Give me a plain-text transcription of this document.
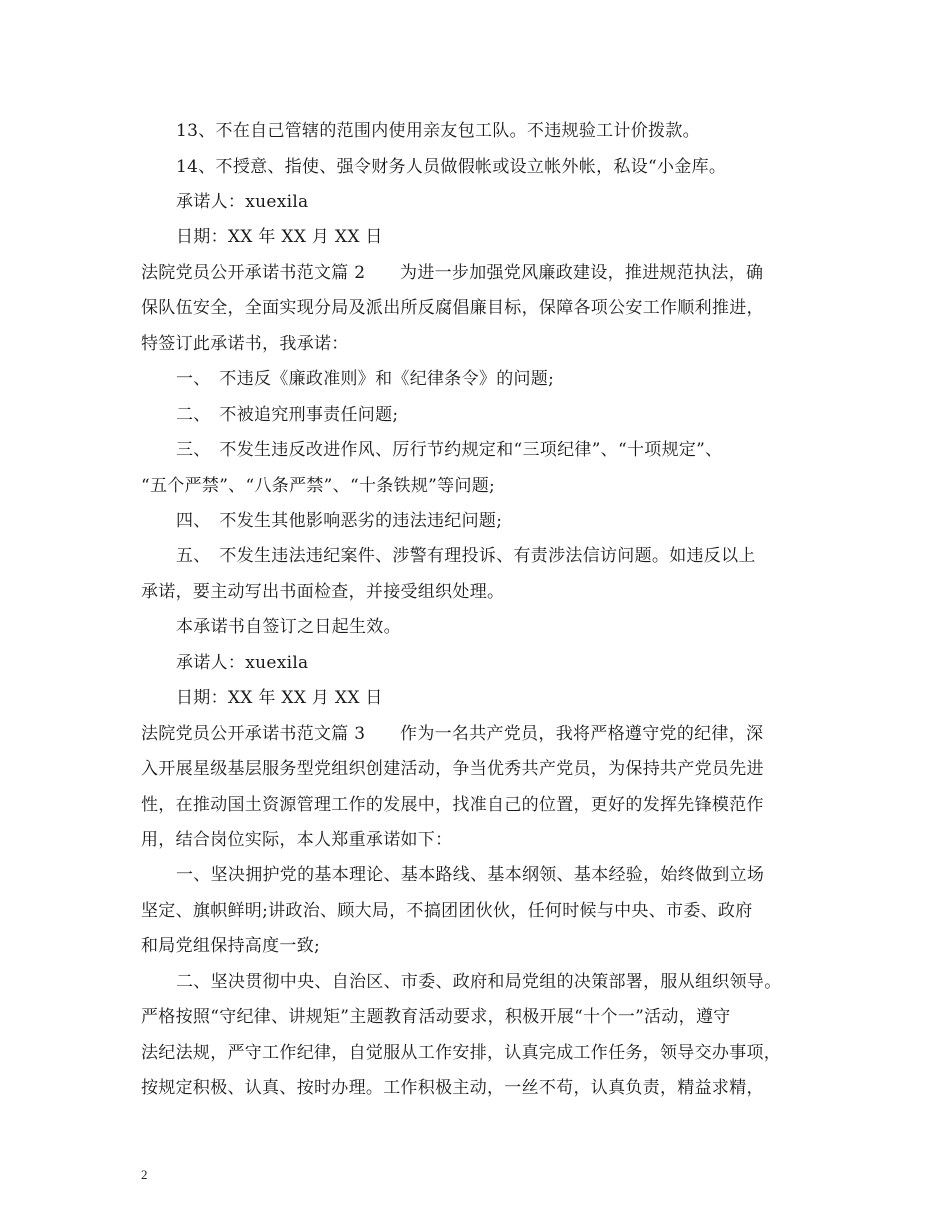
13、不在自己管辖的范围内使用亲友包工队。不违规验工计价拨款。
14、不授意、指使、强令财务人员做假帐或设立帐外帐，私设“小金库。
承诺人：xuexila
日期：XX 年 XX 月 XX 日
法院党员公开承诺书范文篇 2　　为进一步加强党风廉政建设，推进规范执法，确
保队伍安全，全面实现分局及派出所反腐倡廉目标，保障各项公安工作顺利推进，
特签订此承诺书，我承诺：
一、　不违反《廉政准则》和《纪律条令》的问题;
二、　不被追究刑事责任问题;
三、　不发生违反改进作风、厉行节约规定和“三项纪律”、“十项规定”、
“五个严禁”、“八条严禁”、“十条铁规”等问题;
四、　不发生其他影响恶劣的违法违纪问题;
五、　不发生违法违纪案件、涉警有理投诉、有责涉法信访问题。如违反以上
承诺，要主动写出书面检查，并接受组织处理。
本承诺书自签订之日起生效。
承诺人：xuexila
日期：XX 年 XX 月 XX 日
法院党员公开承诺书范文篇 3　　作为一名共产党员，我将严格遵守党的纪律，深
入开展星级基层服务型党组织创建活动，争当优秀共产党员，为保持共产党员先进
性，在推动国土资源管理工作的发展中，找准自己的位置，更好的发挥先锋模范作
用，结合岗位实际，本人郑重承诺如下：
一、坚决拥护党的基本理论、基本路线、基本纲领、基本经验，始终做到立场
坚定、旗帜鲜明;讲政治、顾大局，不搞团团伙伙，任何时候与中央、市委、政府
和局党组保持高度一致;
二、坚决贯彻中央、自治区、市委、政府和局党组的决策部署，服从组织领导。
严格按照“守纪律、讲规矩”主题教育活动要求，积极开展“十个一”活动，遵守
法纪法规，严守工作纪律，自觉服从工作安排，认真完成工作任务，领导交办事项，
按规定积极、认真、按时办理。工作积极主动，一丝不苟，认真负责，精益求精，
2
